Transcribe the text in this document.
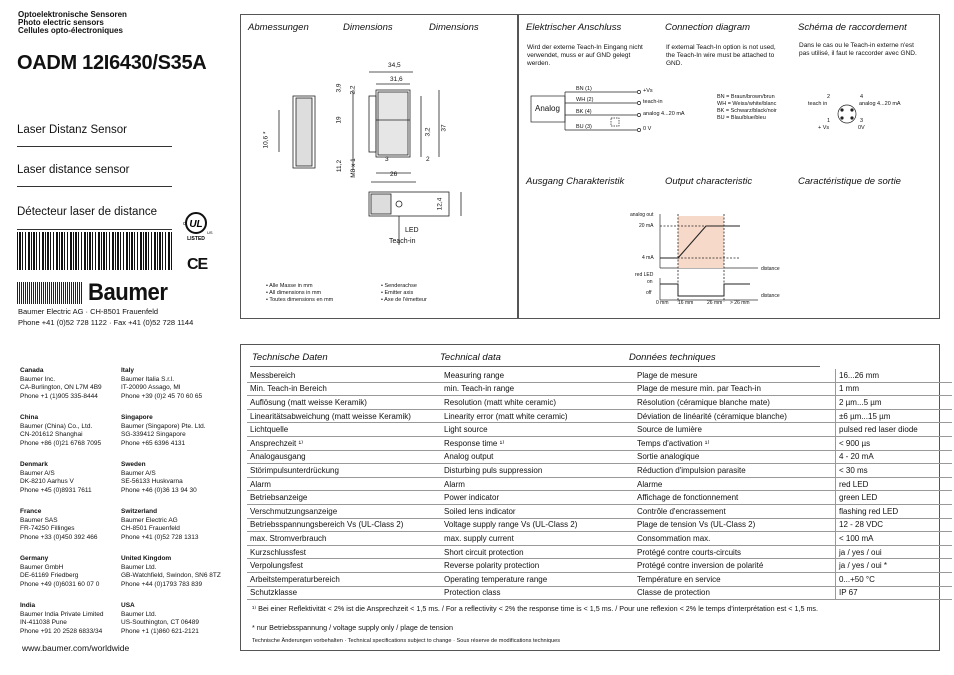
Optoelektronische Sensoren
Photo electric sensors
Cellules opto-électroniques
OADM 12I6430/S35A
Laser Distanz Sensor
Laser distance sensor
Détecteur laser de distance
UL
LISTED
c
US
CE
Baumer
Baumer Electric AG · CH-8501 Frauenfeld
Phone +41 (0)52 728 1122 · Fax +41 (0)52 728 1144
Abmessungen	Dimensions	Dimensions
34,5
31,6
3,9 2,2
19
10,6 *	3,2 37
11,2 M8 x 1	3	2
26
12,4
LED
Teach-in
• Alle Masse in mm
• All dimensions in mm
• Toutes dimensions en mm
• Senderachse
• Emitter axis
• Axe de l'émetteur
Elektrischer Anschluss	Connection diagram	Schéma de raccordement
Wird der externe Teach-In Eingang nicht verwendet, muss er auf GND gelegt werden.
If external Teach-In option is not used, the Teach-In wire must be attached to GND.
Dans le cas ou le Teach-in externe n'est pas utilisé, il faut le raccorder avec GND.
Analog
BN (1)
WH (2)
BK (4)
BU (3)
+Vs
teach-in
analog 4...20 mA
0 V
BN = Braun/brown/brun
WH = Weiss/white/blanc
BK = Schwarz/black/noir
BU = Blau/blue/bleu
2	4
teach in	analog 4...20 mA
1	3
+ Vs	0V
Ausgang Charakteristik	Output characteristic	Caractéristique de sortie
analog out
20 mA
4 mA
distance
red LED
on
off	distance
0 mm 16 mm	26 mm > 26 mm
Canada
Baumer Inc.
CA-Burlington, ON L7M 4B9
Phone +1 (1)905 335-8444
Italy
Baumer Italia S.r.l.
IT-20090 Assago, MI
Phone +39 (0)2 45 70 60 65
China
Baumer (China) Co., Ltd.
CN-201612 Shanghai
Phone +86 (0)21 6768 7095
Singapore
Baumer (Singapore) Pte. Ltd.
SG-339412 Singapore
Phone +65 6396 4131
Denmark
Baumer A/S
DK-8210 Aarhus V
Phone +45 (0)8931 7611
Sweden
Baumer A/S
SE-56133 Huskvarna
Phone +46 (0)36 13 94 30
France
Baumer SAS
FR-74250 Fillinges
Phone +33 (0)450 392 466
Switzerland
Baumer Electric AG
CH-8501 Frauenfeld
Phone +41 (0)52 728 1313
Germany
Baumer GmbH
DE-61169 Friedberg
Phone +49 (0)6031 60 07 0
United Kingdom
Baumer Ltd.
GB-Watchfield, Swindon, SN6 8TZ
Phone +44 (0)1793 783 839
India
Baumer India Private Limited
IN-411038 Pune
Phone +91 20 2528 6833/34
USA
Baumer Ltd.
US-Southington, CT 06489
Phone +1 (1)860 621-2121
www.baumer.com/worldwide
Technische Daten	Technical data	Données techniques
Messbereich	Measuring range	Plage de mesure	16...26 mm
Min. Teach-in Bereich	min. Teach-in range	Plage de mesure min. par Teach-in	1 mm
Auflösung (matt weisse Keramik)	Resolution (matt white ceramic)	Résolution (céramique blanche mate)	2 µm...5 µm
Linearitätsabweichung (matt weisse Keramik)	Linearity error (matt white ceramic)	Déviation de linéarité (céramique blanche)	±6 µm...15 µm
Lichtquelle	Light source	Source de lumière	pulsed red laser diode
Ansprechzeit ¹⁾	Response time ¹⁾	Temps d'activation ¹⁾	< 900 µs
Analogausgang	Analog output	Sortie analogique	4 - 20 mA
Störimpulsunterdrückung	Disturbing puls suppression	Réduction d'impulsion parasite	< 30 ms
Alarm	Alarm	Alarme	red LED
Betriebsanzeige	Power indicator	Affichage de fonctionnement	green LED
Verschmutzungsanzeige	Soiled lens indicator	Contrôle d'encrassement	flashing red LED
Betriebsspannungsbereich Vs (UL-Class 2)	Voltage supply range Vs (UL-Class 2)	Plage de tension Vs (UL-Class 2)	12 - 28 VDC
max. Stromverbrauch	max. supply current	Consommation max.	< 100 mA
Kurzschlussfest	Short circuit protection	Protégé contre courts-circuits	ja / yes / oui
Verpolungsfest	Reverse polarity protection	Protégé contre inversion de polarité	ja / yes / oui *
Arbeitstemperaturbereich	Operating temperature range	Température en service	0...+50 °C
Schutzklasse	Protection class	Classe de protection	IP 67
¹⁾ Bei einer Reflektivität < 2% ist die Ansprechzeit < 1,5 ms. / For a reflectivity < 2% the response time is < 1,5 ms. / Pour une reflexion < 2% le temps d'interprétation est < 1,5 ms.
* nur Betriebsspannung / voltage supply only / plage de tension
Technische Änderungen vorbehalten · Technical specifications subject to change · Sous réserve de modifications techniques
